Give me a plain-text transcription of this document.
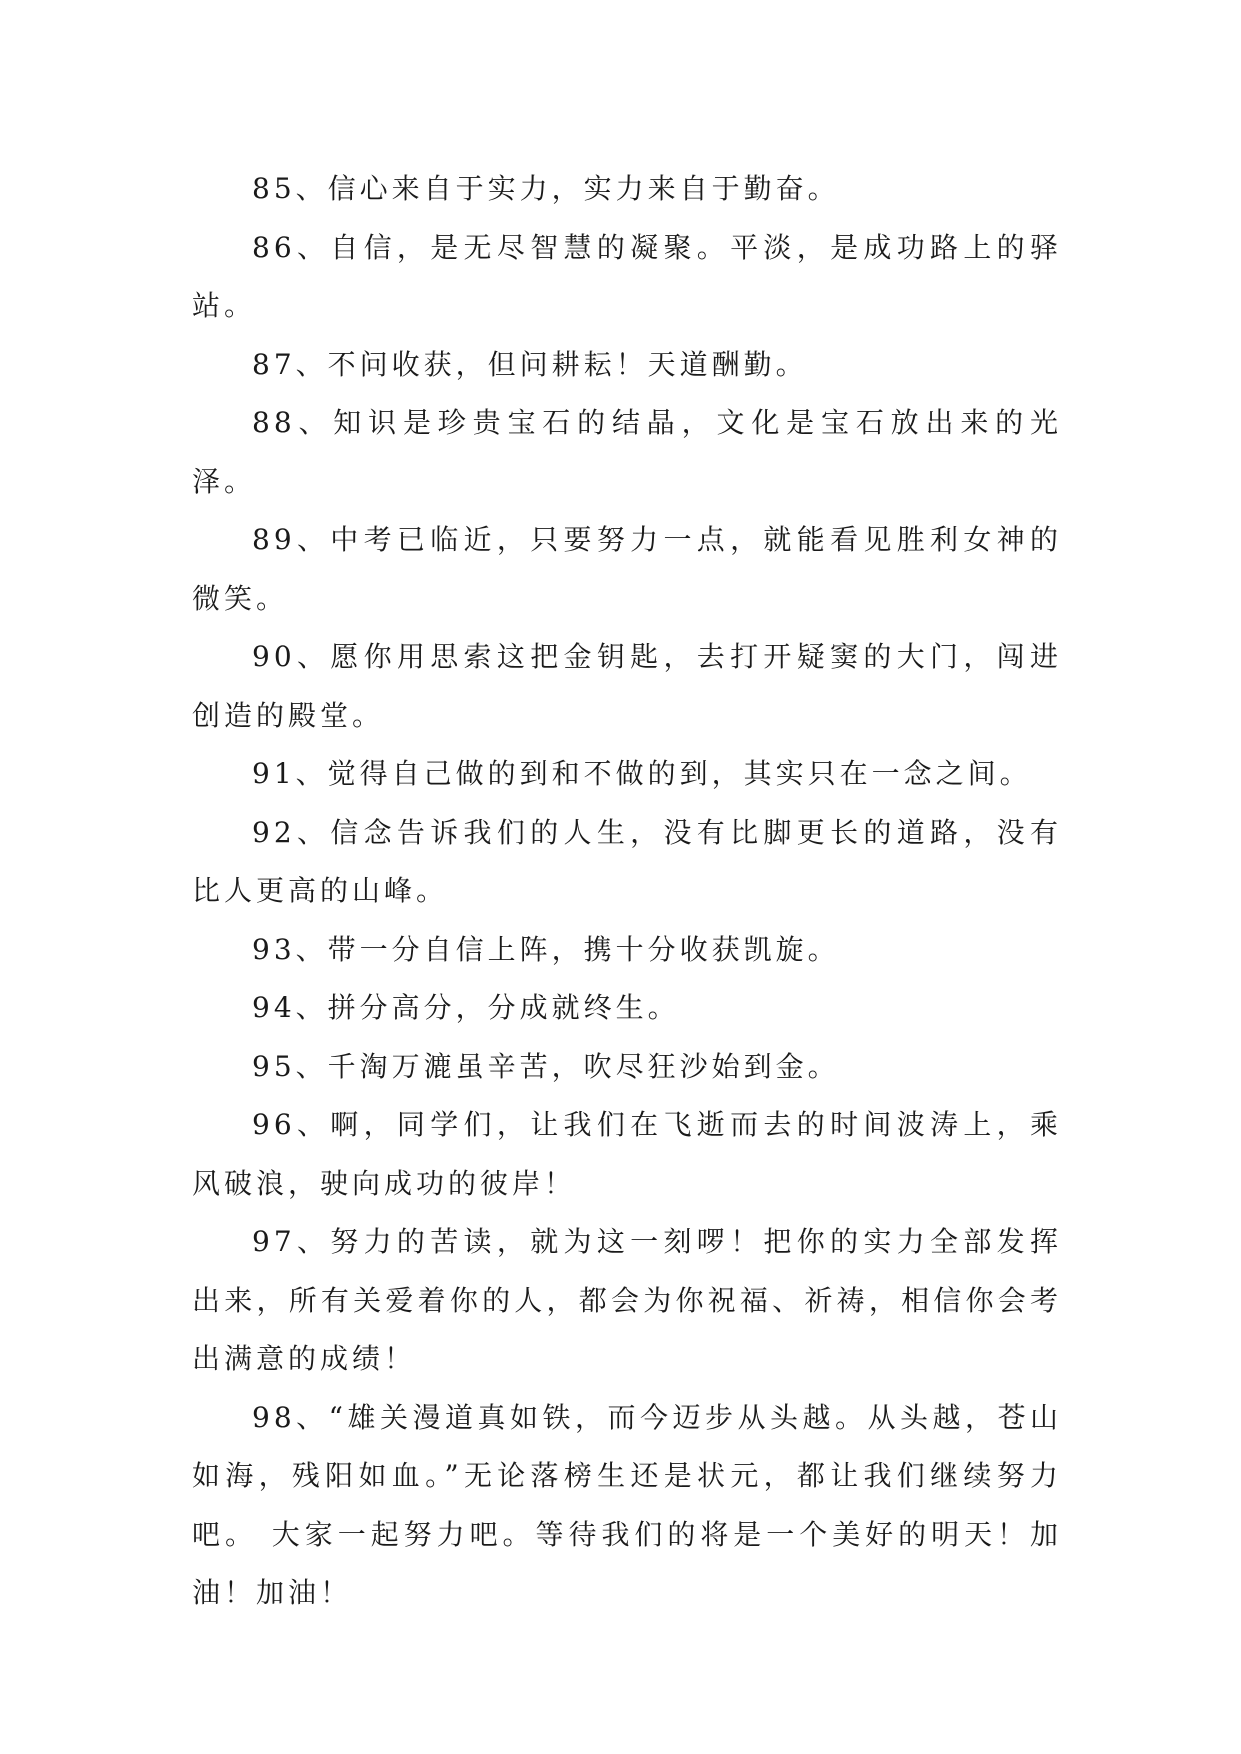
85、信心来自于实力，实力来自于勤奋。

86、自信，是无尽智慧的凝聚。平淡，是成功路上的驿站。

87、不问收获，但问耕耘！天道酬勤。

88、知识是珍贵宝石的结晶，文化是宝石放出来的光泽。

89、中考已临近，只要努力一点，就能看见胜利女神的微笑。

90、愿你用思索这把金钥匙，去打开疑窦的大门，闯进创造的殿堂。

91、觉得自己做的到和不做的到，其实只在一念之间。

92、信念告诉我们的人生，没有比脚更长的道路，没有比人更高的山峰。

93、带一分自信上阵，携十分收获凯旋。

94、拼分高分，分成就终生。

95、千淘万漉虽辛苦，吹尽狂沙始到金。

96、啊，同学们，让我们在飞逝而去的时间波涛上，乘风破浪，驶向成功的彼岸！

97、努力的苦读，就为这一刻啰！把你的实力全部发挥出来，所有关爱着你的人，都会为你祝福、祈祷，相信你会考出满意的成绩！

98、“雄关漫道真如铁，而今迈步从头越。从头越，苍山如海，残阳如血。”无论落榜生还是状元，都让我们继续努力吧。 大家一起努力吧。等待我们的将是一个美好的明天！加油！加油！
